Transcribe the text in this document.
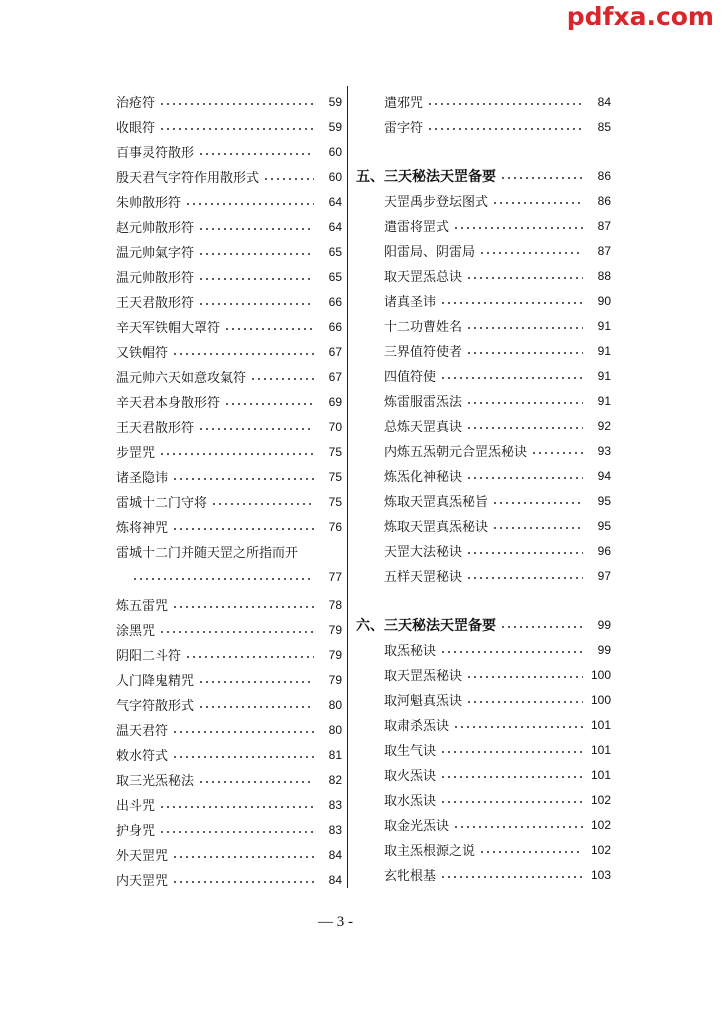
pdfxa.com
治疮符	59
收眼符	59
百事灵符散形	60
殷天君气字符作用散形式	60
朱帅散形符	64
赵元帅散形符	64
温元帅氣字符	65
温元帅散形符	65
王天君散形符	66
辛天军铁帽大罩符	66
又铁帽符	67
温元帅六天如意攻氣符	67
辛天君本身散形符	69
王天君散形符	70
步罡咒	75
诸圣隐讳	75
雷城十二门守将	75
炼将神咒	76
雷城十二门并随天罡之所指而开
77
炼五雷咒	78
涂黑咒	79
阴阳二斗符	79
人门降鬼精咒	79
气字符散形式	80
温天君符	80
敕水符式	81
取三光炁秘法	82
出斗咒	83
护身咒	83
外天罡咒	84
内天罡咒	84
遣邪咒	84
雷字符	85
五、三天秘法天罡备要	86
天罡禹步登坛图式	86
遣雷将罡式	87
阳雷局、阴雷局	87
取天罡炁总诀	88
诸真圣讳	90
十二功曹姓名	91
三界值符使者	91
四值符使	91
炼雷服雷炁法	91
总炼天罡真诀	92
内炼五炁朝元合罡炁秘诀	93
炼炁化神秘诀	94
炼取天罡真炁秘旨	95
炼取天罡真炁秘诀	95
天罡大法秘诀	96
五样天罡秘诀	97
六、三天秘法天罡备要	99
取炁秘诀	99
取天罡炁秘诀	100
取河魁真炁诀	100
取肃杀炁诀	101
取生气诀	101
取火炁诀	101
取水炁诀	102
取金光炁诀	102
取主炁根源之说	102
玄牝根基	103
— 3 -
